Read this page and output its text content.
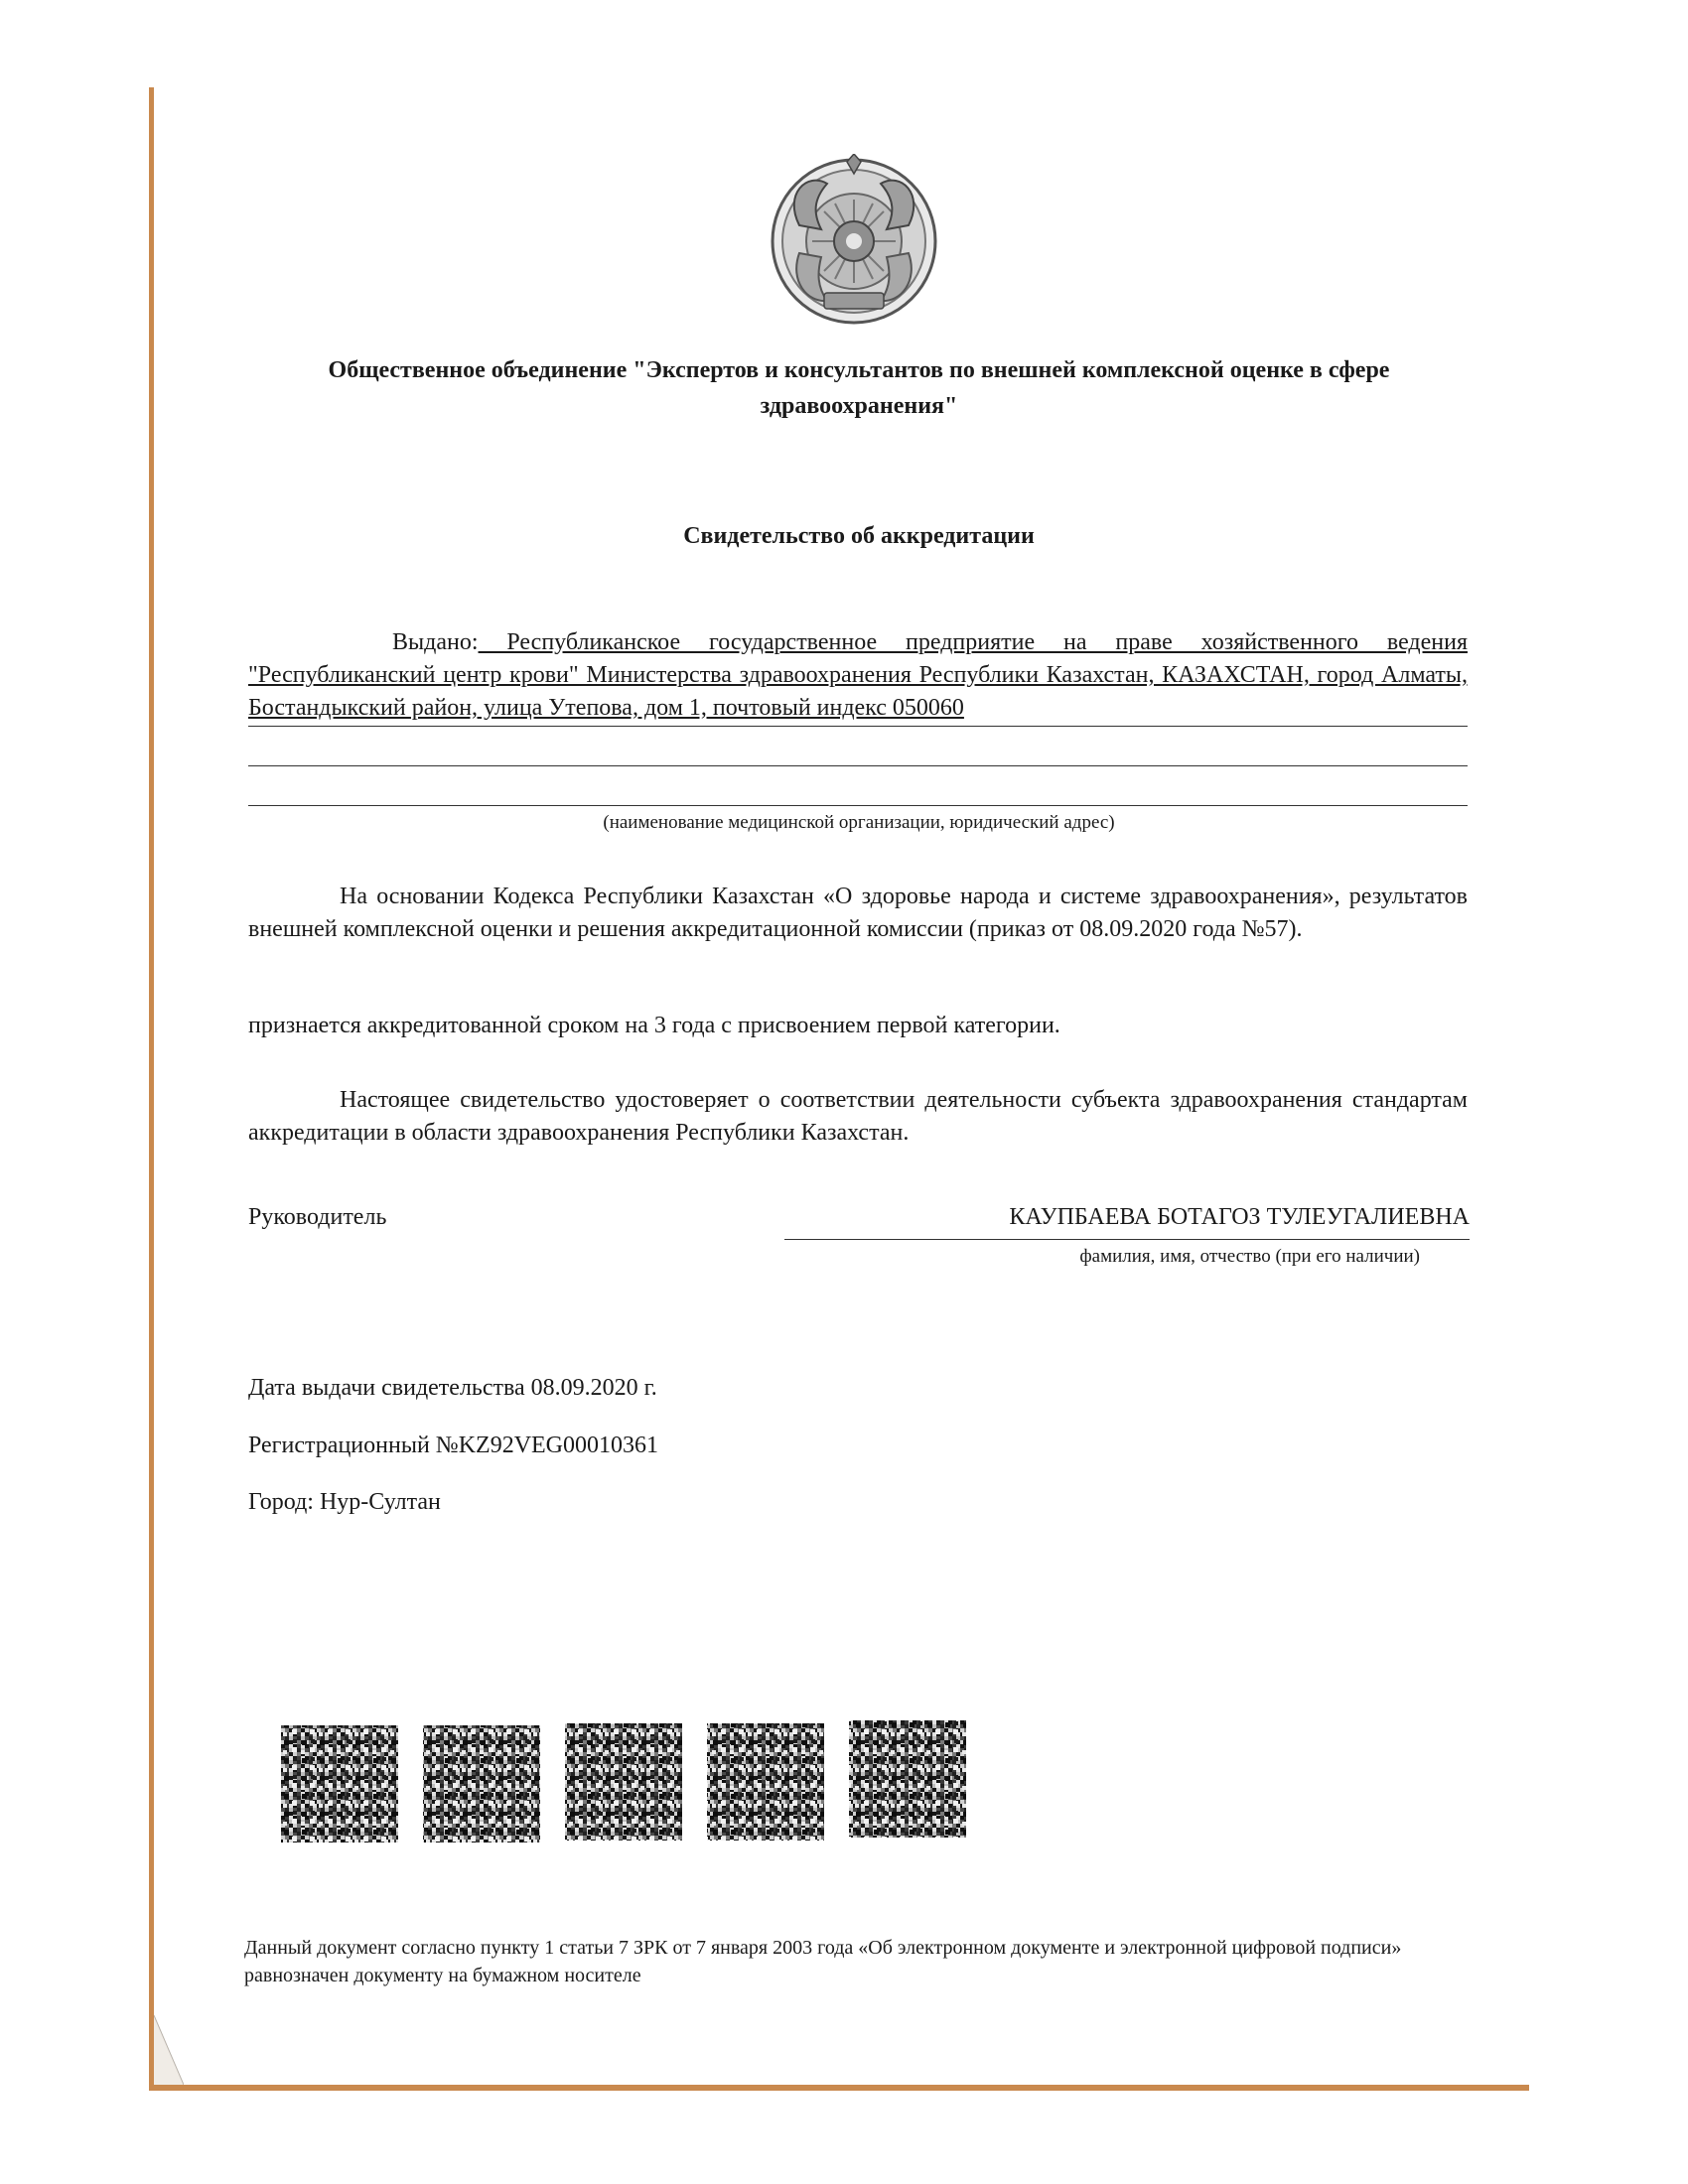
Общественное объединение "Экспертов и консультантов по внешней комплексной оценке в сфере здравоохранения"
Свидетельство об аккредитации
Выдано: Республиканское государственное предприятие на праве хозяйственного ведения "Республиканский центр крови" Министерства здравоохранения Республики Казахстан, КАЗАХСТАН, город Алматы, Бостандыкский район, улица Утепова, дом 1, почтовый индекс 050060
(наименование медицинской организации, юридический адрес)
На основании Кодекса Республики Казахстан «О здоровье народа и системе здравоохранения», результатов внешней комплексной оценки и решения аккредитационной комиссии (приказ от 08.09.2020 года №57).
признается аккредитованной сроком на 3 года с присвоением первой категории.
Настоящее свидетельство удостоверяет о соответствии деятельности субъекта здравоохранения стандартам аккредитации в области здравоохранения Республики Казахстан.
Руководитель	КАУПБАЕВА БОТАГОЗ ТУЛЕУГАЛИЕВНА
фамилия, имя, отчество (при его наличии)
Дата выдачи свидетельства 08.09.2020 г.
Регистрационный №KZ92VEG00010361
Город: Нур-Султан
Данный документ согласно пункту 1 статьи 7 ЗРК от 7 января 2003 года «Об электронном документе и электронной цифровой подписи» равнозначен документу на бумажном носителе
